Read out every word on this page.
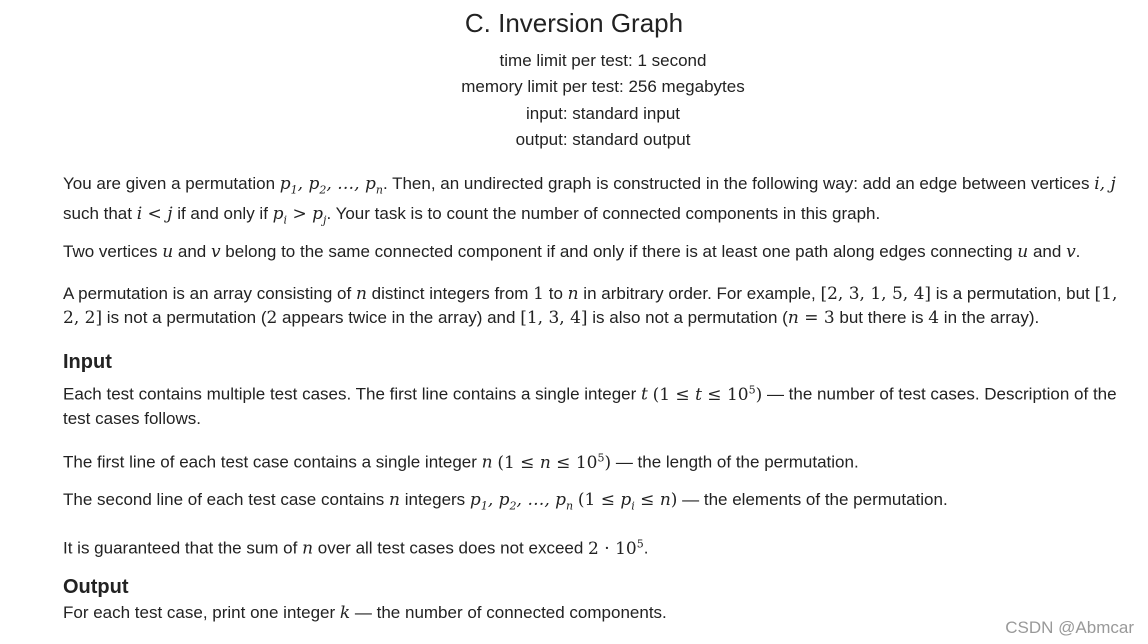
C. Inversion Graph
time limit per test: 1 second
memory limit per test: 256 megabytes
input: standard input
output: standard output
You are given a permutation $p_1$, $p_2$, …, $p_n$. Then, an undirected graph is constructed in the following way: add an edge between vertices i, j such that i < j if and only if $p_i > p_j$. Your task is to count the number of connected components in this graph.
Two vertices u and v belong to the same connected component if and only if there is at least one path along edges connecting u and v.
A permutation is an array consisting of n distinct integers from 1 to n in arbitrary order. For example, [2, 3, 1, 5, 4] is a permutation, but [1, 2, 2] is not a permutation (2 appears twice in the array) and [1, 3, 4] is also not a permutation (n = 3 but there is 4 in the array).
Input
Each test contains multiple test cases. The first line contains a single integer t $(1 \le t \le 10^5)$ — the number of test cases. Description of the test cases follows.
The first line of each test case contains a single integer n $(1 \le n \le 10^5)$ — the length of the permutation.
The second line of each test case contains n integers $p_1$, $p_2$, …, $p_n$ $(1 \le p_i \le n)$ — the elements of the permutation.
It is guaranteed that the sum of n over all test cases does not exceed $2 \cdot 10^5$.
Output
For each test case, print one integer k — the number of connected components.
CSDN @Abmcar
